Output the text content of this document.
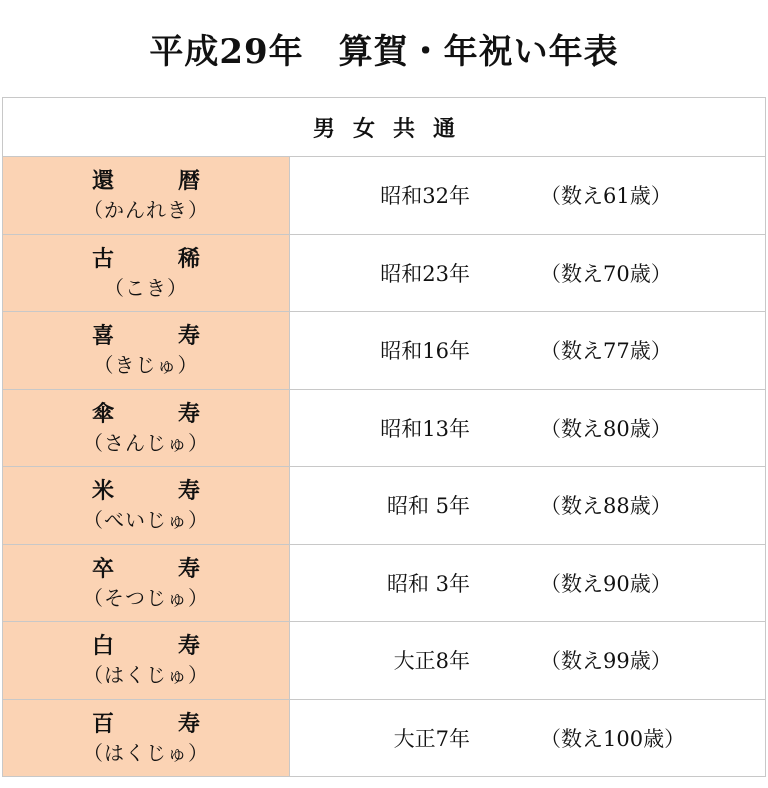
平成29年　算賀・年祝い年表
男女共通
還	暦
（かんれき）
昭和32年	（数え61歳）
古	稀
（こき）
昭和23年	（数え70歳）
喜	寿
（きじゅ）
昭和16年	（数え77歳）
傘	寿
（さんじゅ）
昭和13年	（数え80歳）
米	寿
（べいじゅ）
昭和 5年	（数え88歳）
卒	寿
（そつじゅ）
昭和 3年	（数え90歳）
白	寿
（はくじゅ）
大正8年	（数え99歳）
百	寿
（はくじゅ）
大正7年	（数え100歳）
